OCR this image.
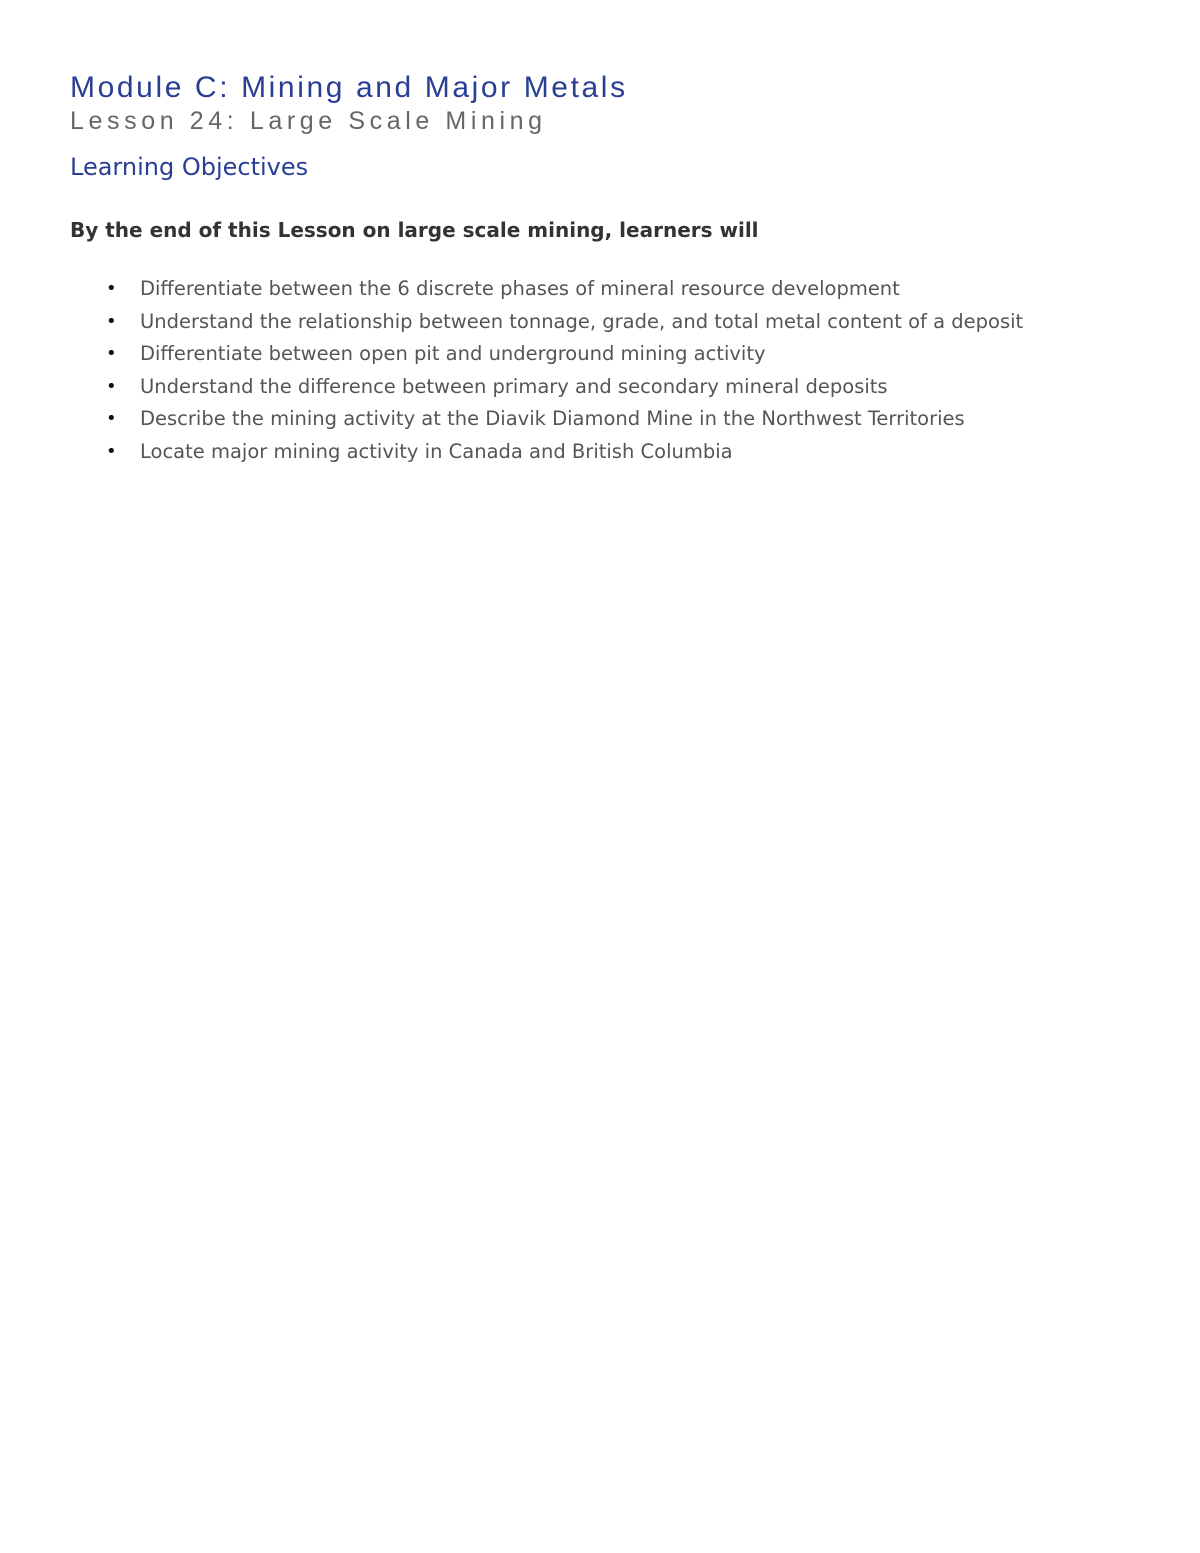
Module C: Mining and Major Metals
Lesson 24: Large Scale Mining
Learning Objectives

By the end of this Lesson on large scale mining, learners will

• Differentiate between the 6 discrete phases of mineral resource development
• Understand the relationship between tonnage, grade, and total metal content of a deposit
• Differentiate between open pit and underground mining activity
• Understand the difference between primary and secondary mineral deposits
• Describe the mining activity at the Diavik Diamond Mine in the Northwest Territories
• Locate major mining activity in Canada and British Columbia
